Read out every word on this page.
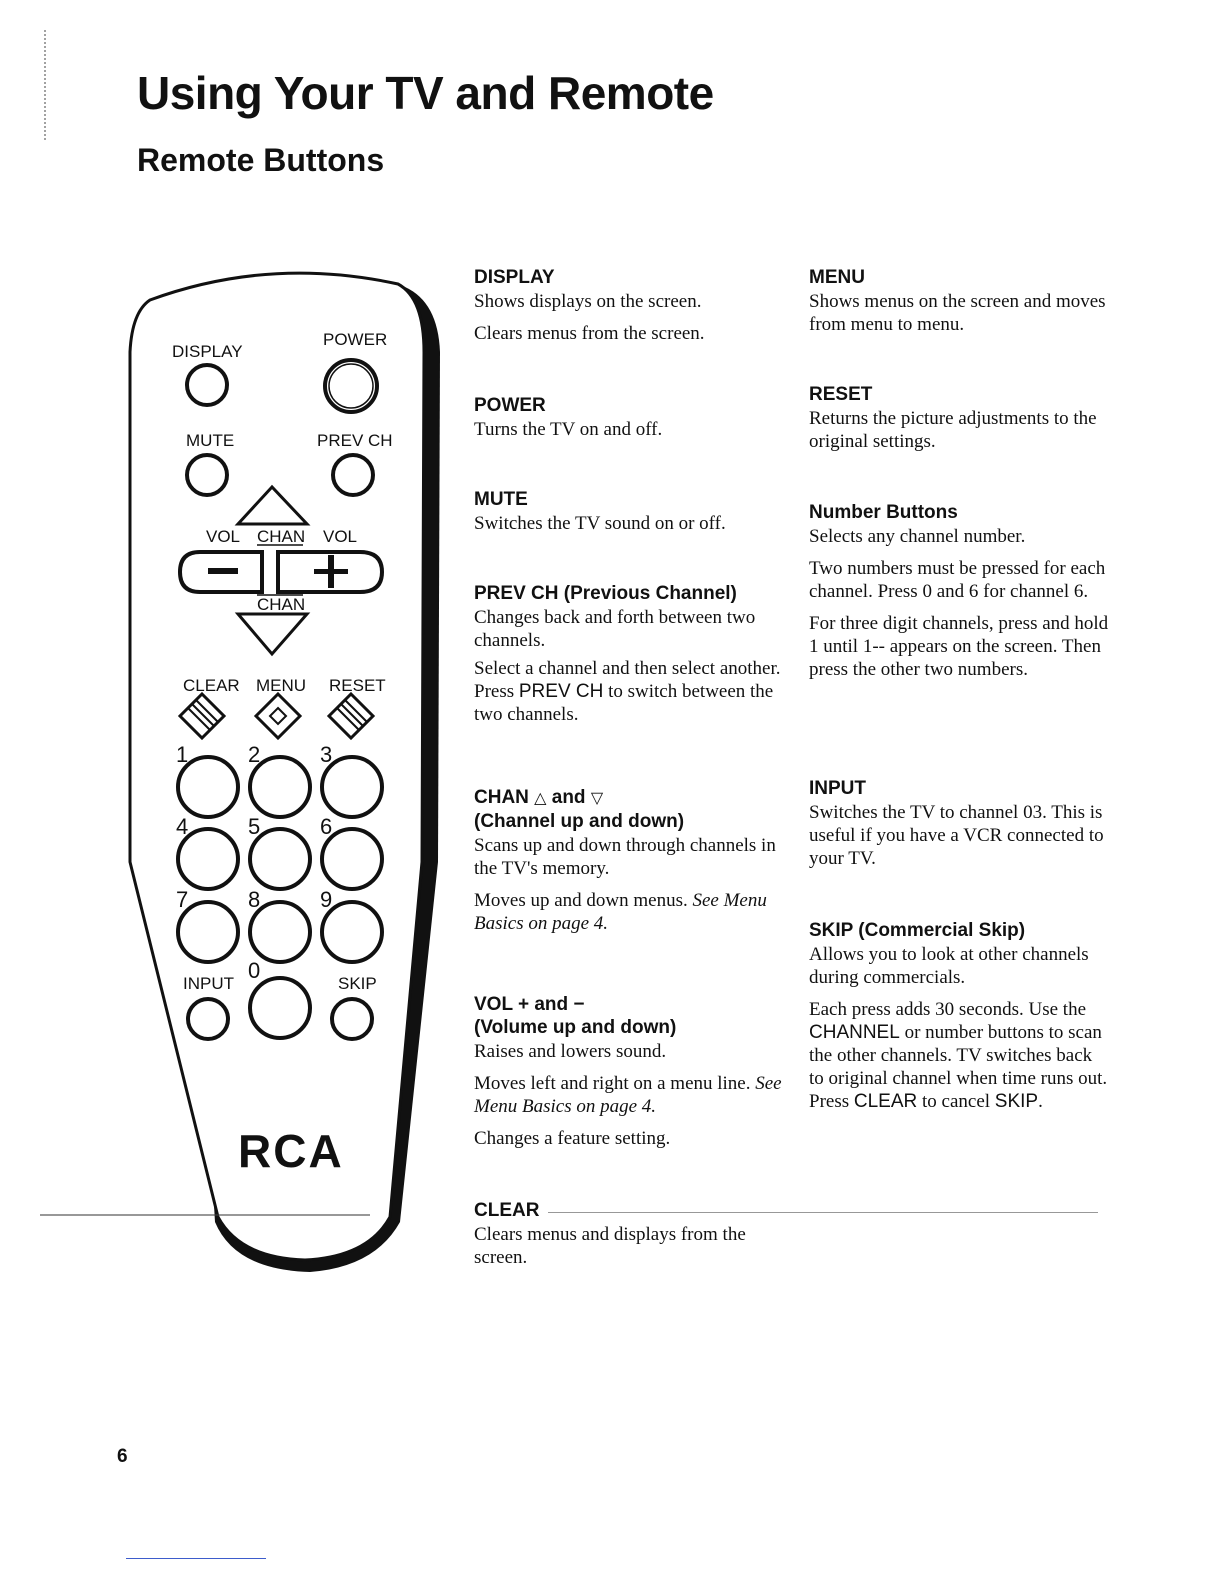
Using Your TV and Remote
Remote Buttons
DISPLAY
POWER
MUTE	PREV CH
VOL CHAN VOL
CHAN
CLEAR MENU RESET
1	2	3
4	5	6
7	8	9
INPUT
0
SKIP
RCA

DISPLAY

Shows displays on the screen.

Clears menus from the screen.

POWER

Turns the TV on and off.

MUTE

Switches the TV sound on or off.

PREV CH (Previous Channel)

Changes back and forth between two channels.

Select a channel and then select another. Press PREV CH to switch between the two channels.

CHAN △ and ▽

(Channel up and down)

Scans up and down through channels in the TV's memory.

Moves up and down menus. See Menu Basics on page 4.

VOL + and −

(Volume up and down)

Raises and lowers sound.

Moves left and right on a menu line. See Menu Basics on page 4.

Changes a feature setting.

CLEAR

Clears menus and displays from the screen.

MENU

Shows menus on the screen and moves from menu to menu.

RESET

Returns the picture adjustments to the original settings.

Number Buttons

Selects any channel number.

Two numbers must be pressed for each channel. Press 0 and 6 for channel 6.

For three digit channels, press and hold 1 until 1-- appears on the screen. Then press the other two numbers.

INPUT

Switches the TV to channel 03. This is useful if you have a VCR connected to your TV.

SKIP (Commercial Skip)

Allows you to look at other channels during commercials.

Each press adds 30 seconds. Use the CHANNEL or number buttons to scan the other channels. TV switches back to original channel when time runs out. Press CLEAR to cancel SKIP.

6
